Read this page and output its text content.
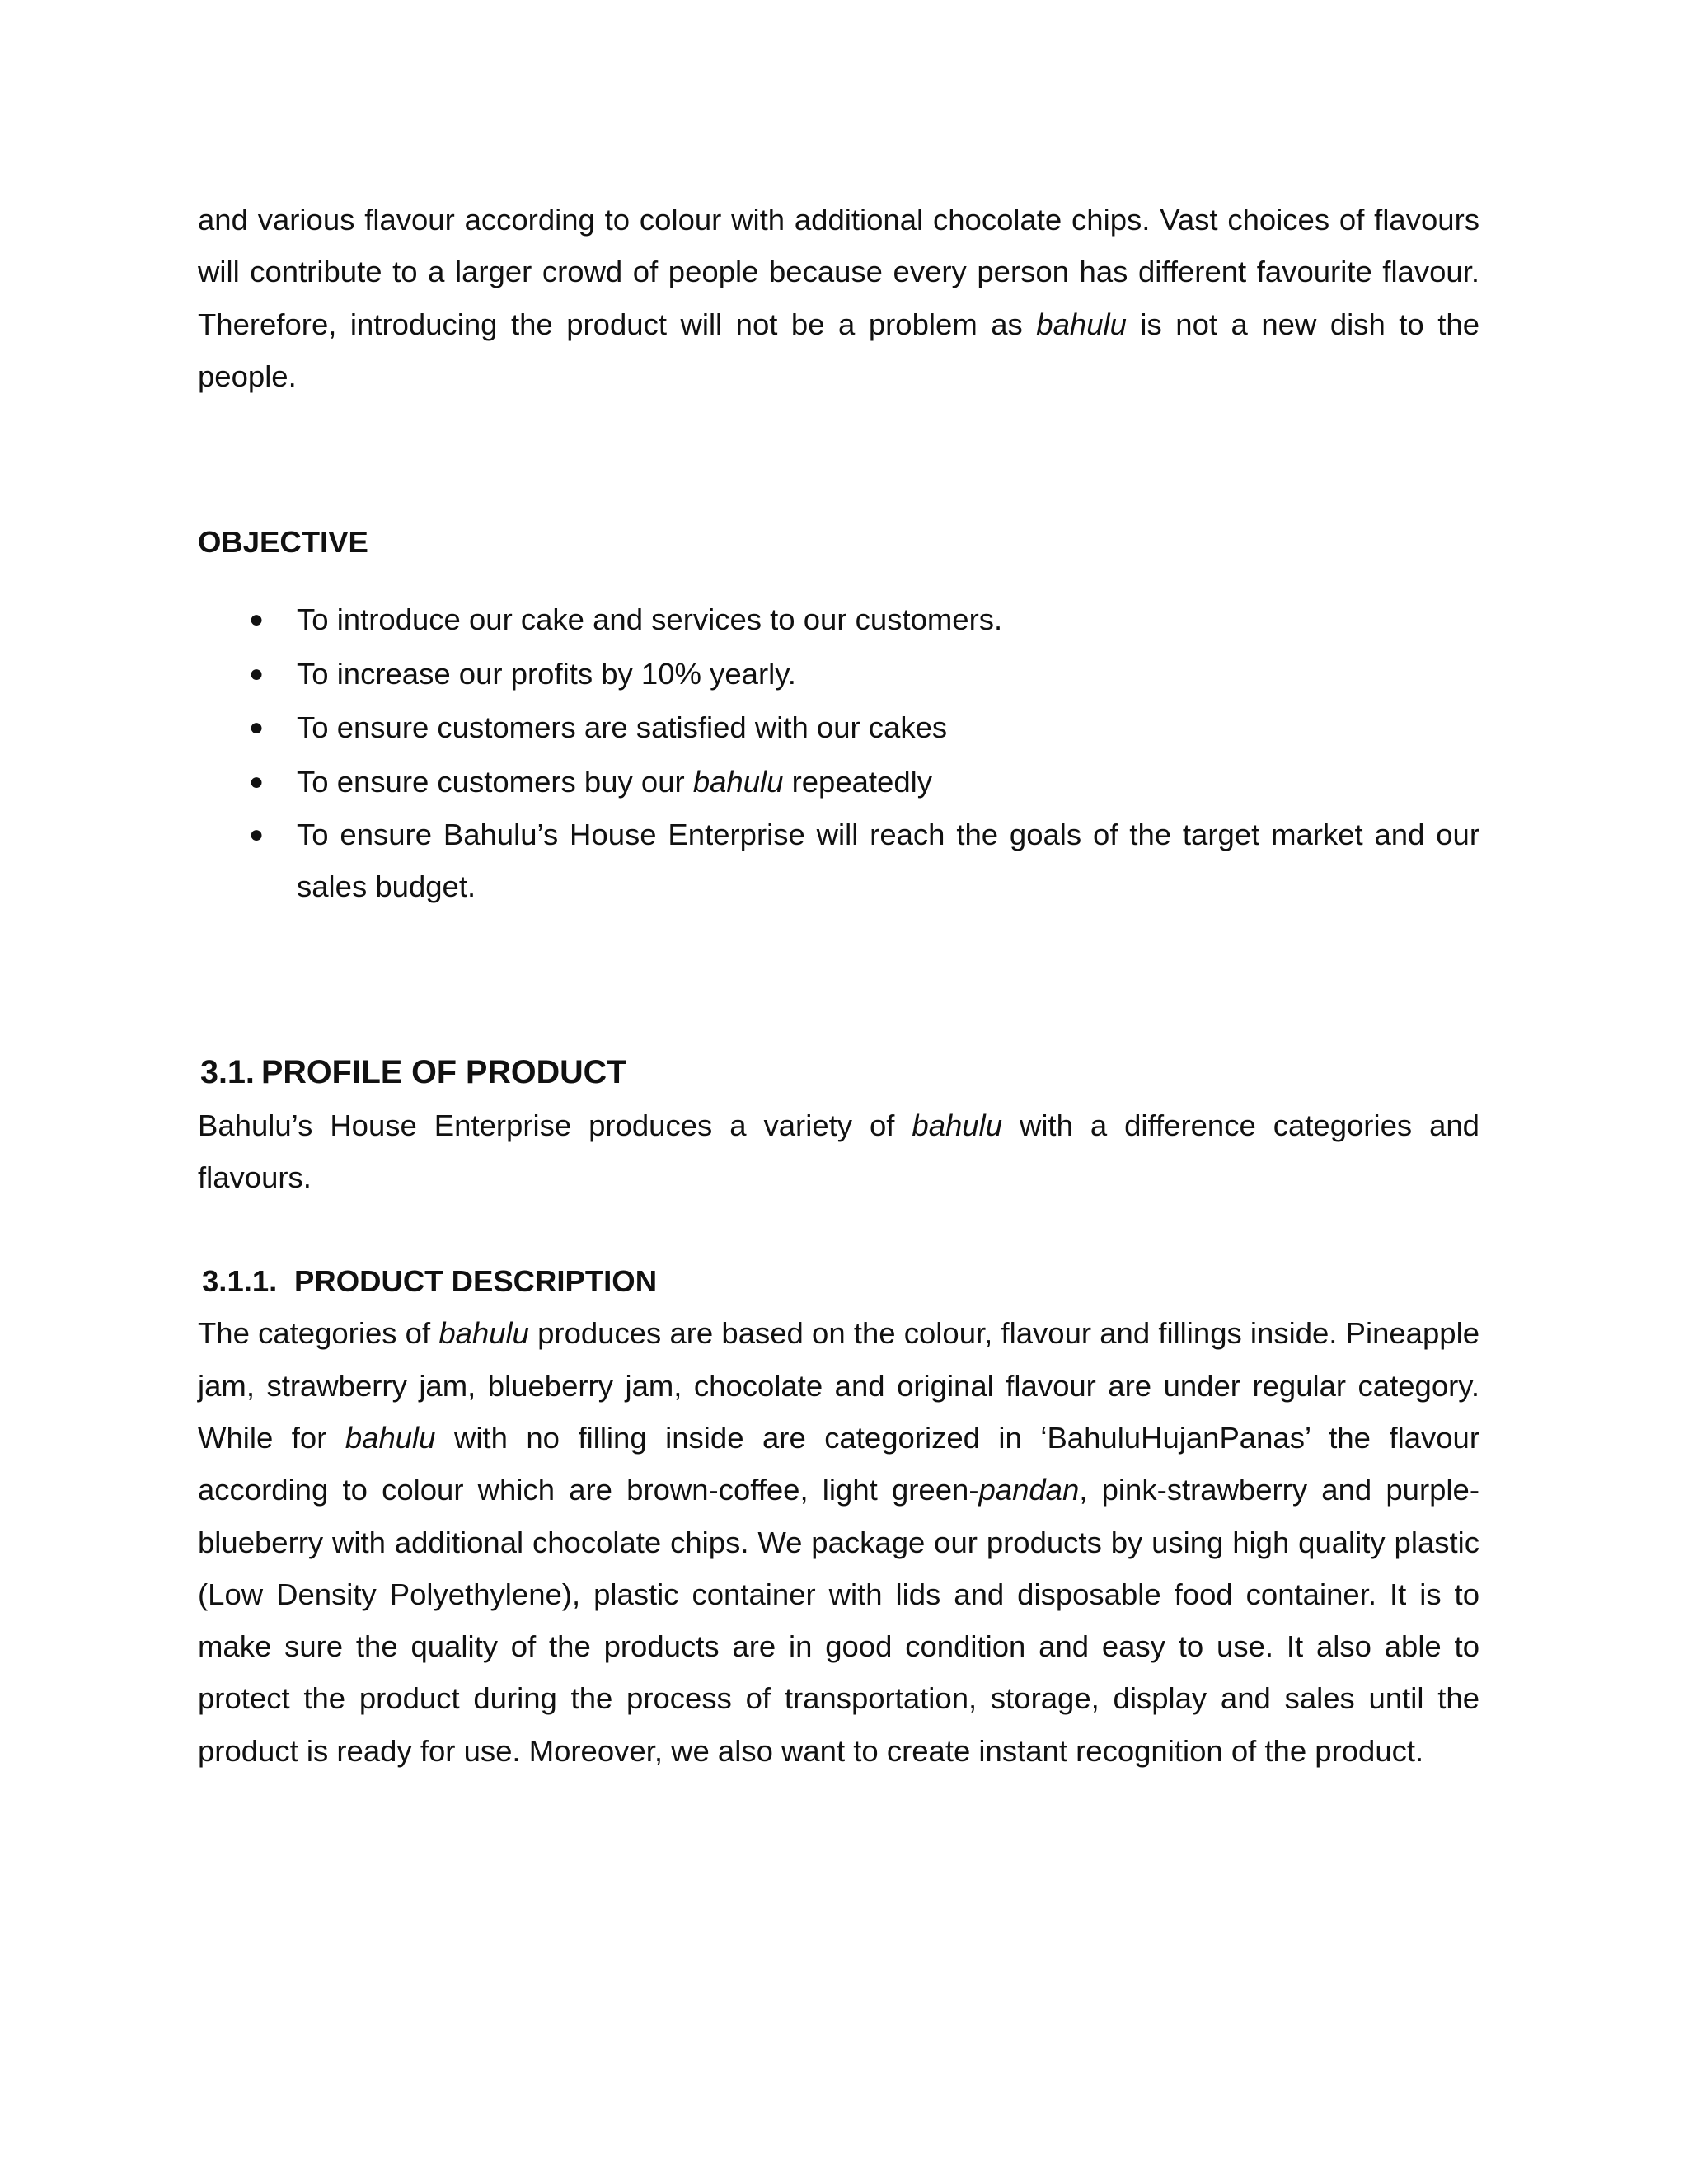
and various flavour according to colour with additional chocolate chips. Vast choices of flavours will contribute to a larger crowd of people because every person has different favourite flavour. Therefore, introducing the product will not be a problem as bahulu is not a new dish to the people.

OBJECTIVE
● To introduce our cake and services to our customers.
● To increase our profits by 10% yearly.
● To ensure customers are satisfied with our cakes
● To ensure customers buy our bahulu repeatedly
● To ensure Bahulu’s House Enterprise will reach the goals of the target market and our sales budget.
3.1. PROFILE OF PRODUCT

Bahulu’s House Enterprise produces a variety of bahulu with a difference categories and flavours.

3.1.1. PRODUCT DESCRIPTION

The categories of bahulu produces are based on the colour, flavour and fillings inside. Pineapple jam, strawberry jam, blueberry jam, chocolate and original flavour are under regular category. While for bahulu with no filling inside are categorized in ‘BahuluHujanPanas’ the flavour according to colour which are brown-coffee, light green-pandan, pink-strawberry and purple-blueberry with additional chocolate chips. We package our products by using high quality plastic (Low Density Polyethylene), plastic container with lids and disposable food container. It is to make sure the quality of the products are in good condition and easy to use. It also able to protect the product during the process of transportation, storage, display and sales until the product is ready for use. Moreover, we also want to create instant recognition of the product.
